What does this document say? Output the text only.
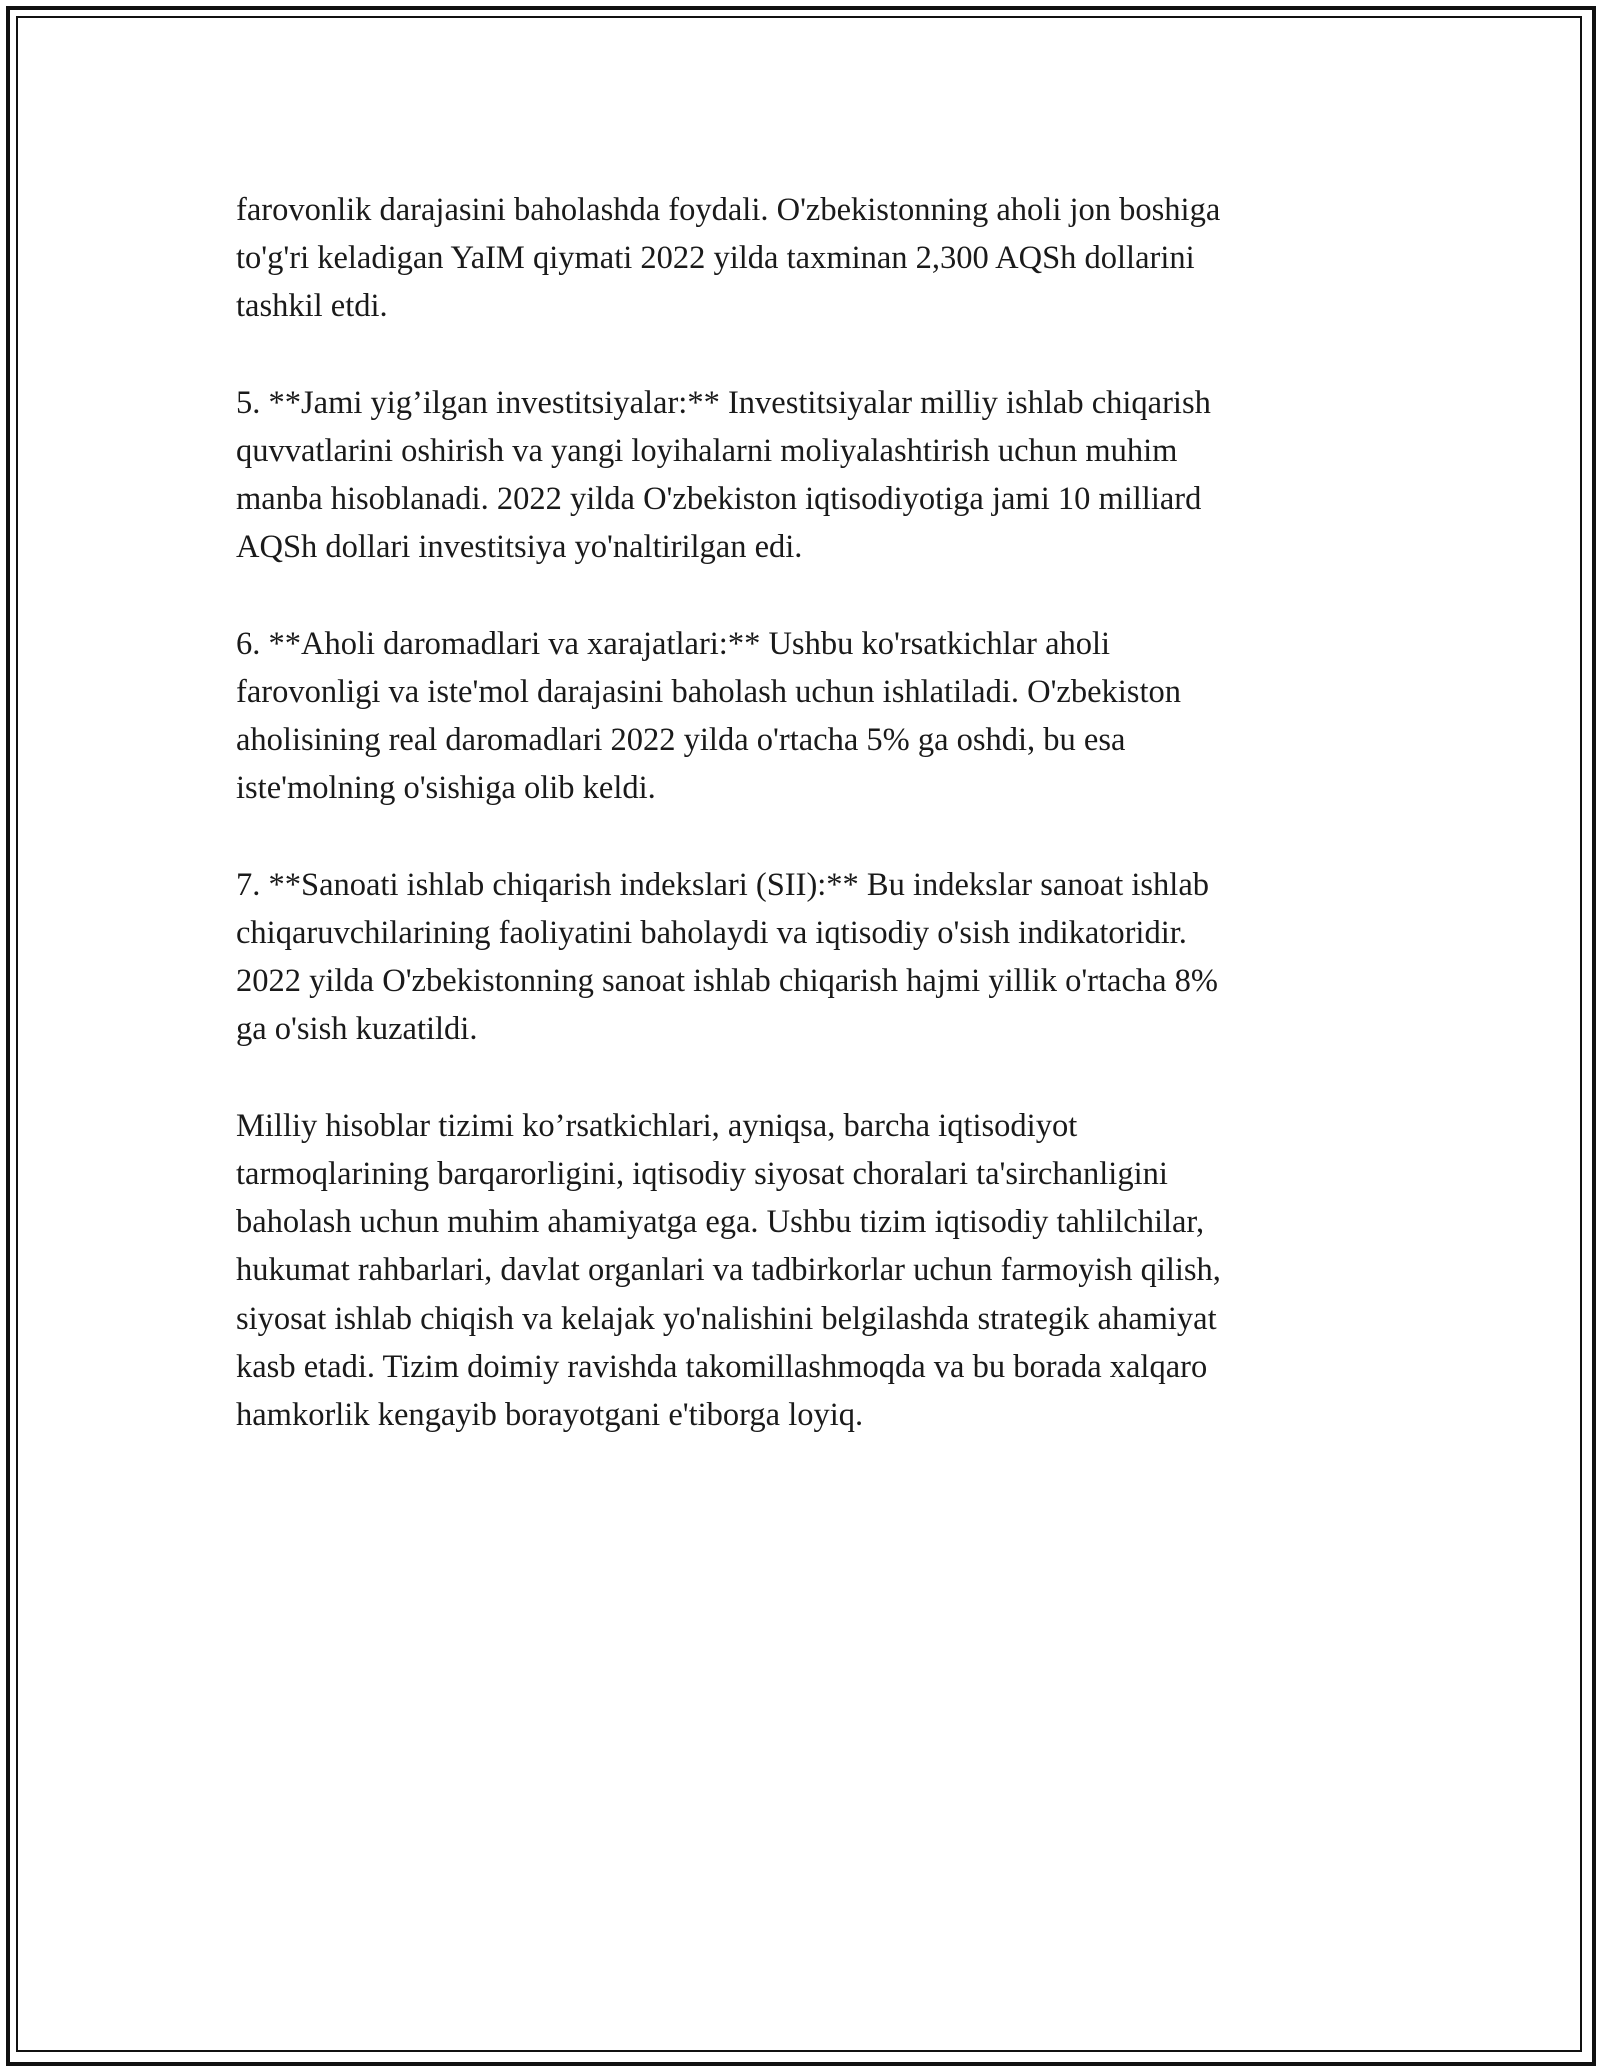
farovonlik darajasini baholashda foydali. O'zbekistonning aholi jon boshiga
to'g'ri keladigan YaIM qiymati 2022 yilda taxminan 2,300 AQSh dollarini
tashkil etdi.

5. **Jami yig’ilgan investitsiyalar:** Investitsiyalar milliy ishlab chiqarish
quvvatlarini oshirish va yangi loyihalarni moliyalashtirish uchun muhim
manba hisoblanadi. 2022 yilda O'zbekiston iqtisodiyotiga jami 10 milliard
AQSh dollari investitsiya yo'naltirilgan edi.

6. **Aholi daromadlari va xarajatlari:** Ushbu ko'rsatkichlar aholi
farovonligi va iste'mol darajasini baholash uchun ishlatiladi. O'zbekiston
aholisining real daromadlari 2022 yilda o'rtacha 5% ga oshdi, bu esa
iste'molning o'sishiga olib keldi.

7. **Sanoati ishlab chiqarish indekslari (SII):** Bu indekslar sanoat ishlab
chiqaruvchilarining faoliyatini baholaydi va iqtisodiy o'sish indikatoridir.
2022 yilda O'zbekistonning sanoat ishlab chiqarish hajmi yillik o'rtacha 8%
ga o'sish kuzatildi.

Milliy hisoblar tizimi ko’rsatkichlari, ayniqsa, barcha iqtisodiyot
tarmoqlarining barqarorligini, iqtisodiy siyosat choralari ta'sirchanligini
baholash uchun muhim ahamiyatga ega. Ushbu tizim iqtisodiy tahlilchilar,
hukumat rahbarlari, davlat organlari va tadbirkorlar uchun farmoyish qilish,
siyosat ishlab chiqish va kelajak yo'nalishini belgilashda strategik ahamiyat
kasb etadi. Tizim doimiy ravishda takomillashmoqda va bu borada xalqaro
hamkorlik kengayib borayotgani e'tiborga loyiq.
